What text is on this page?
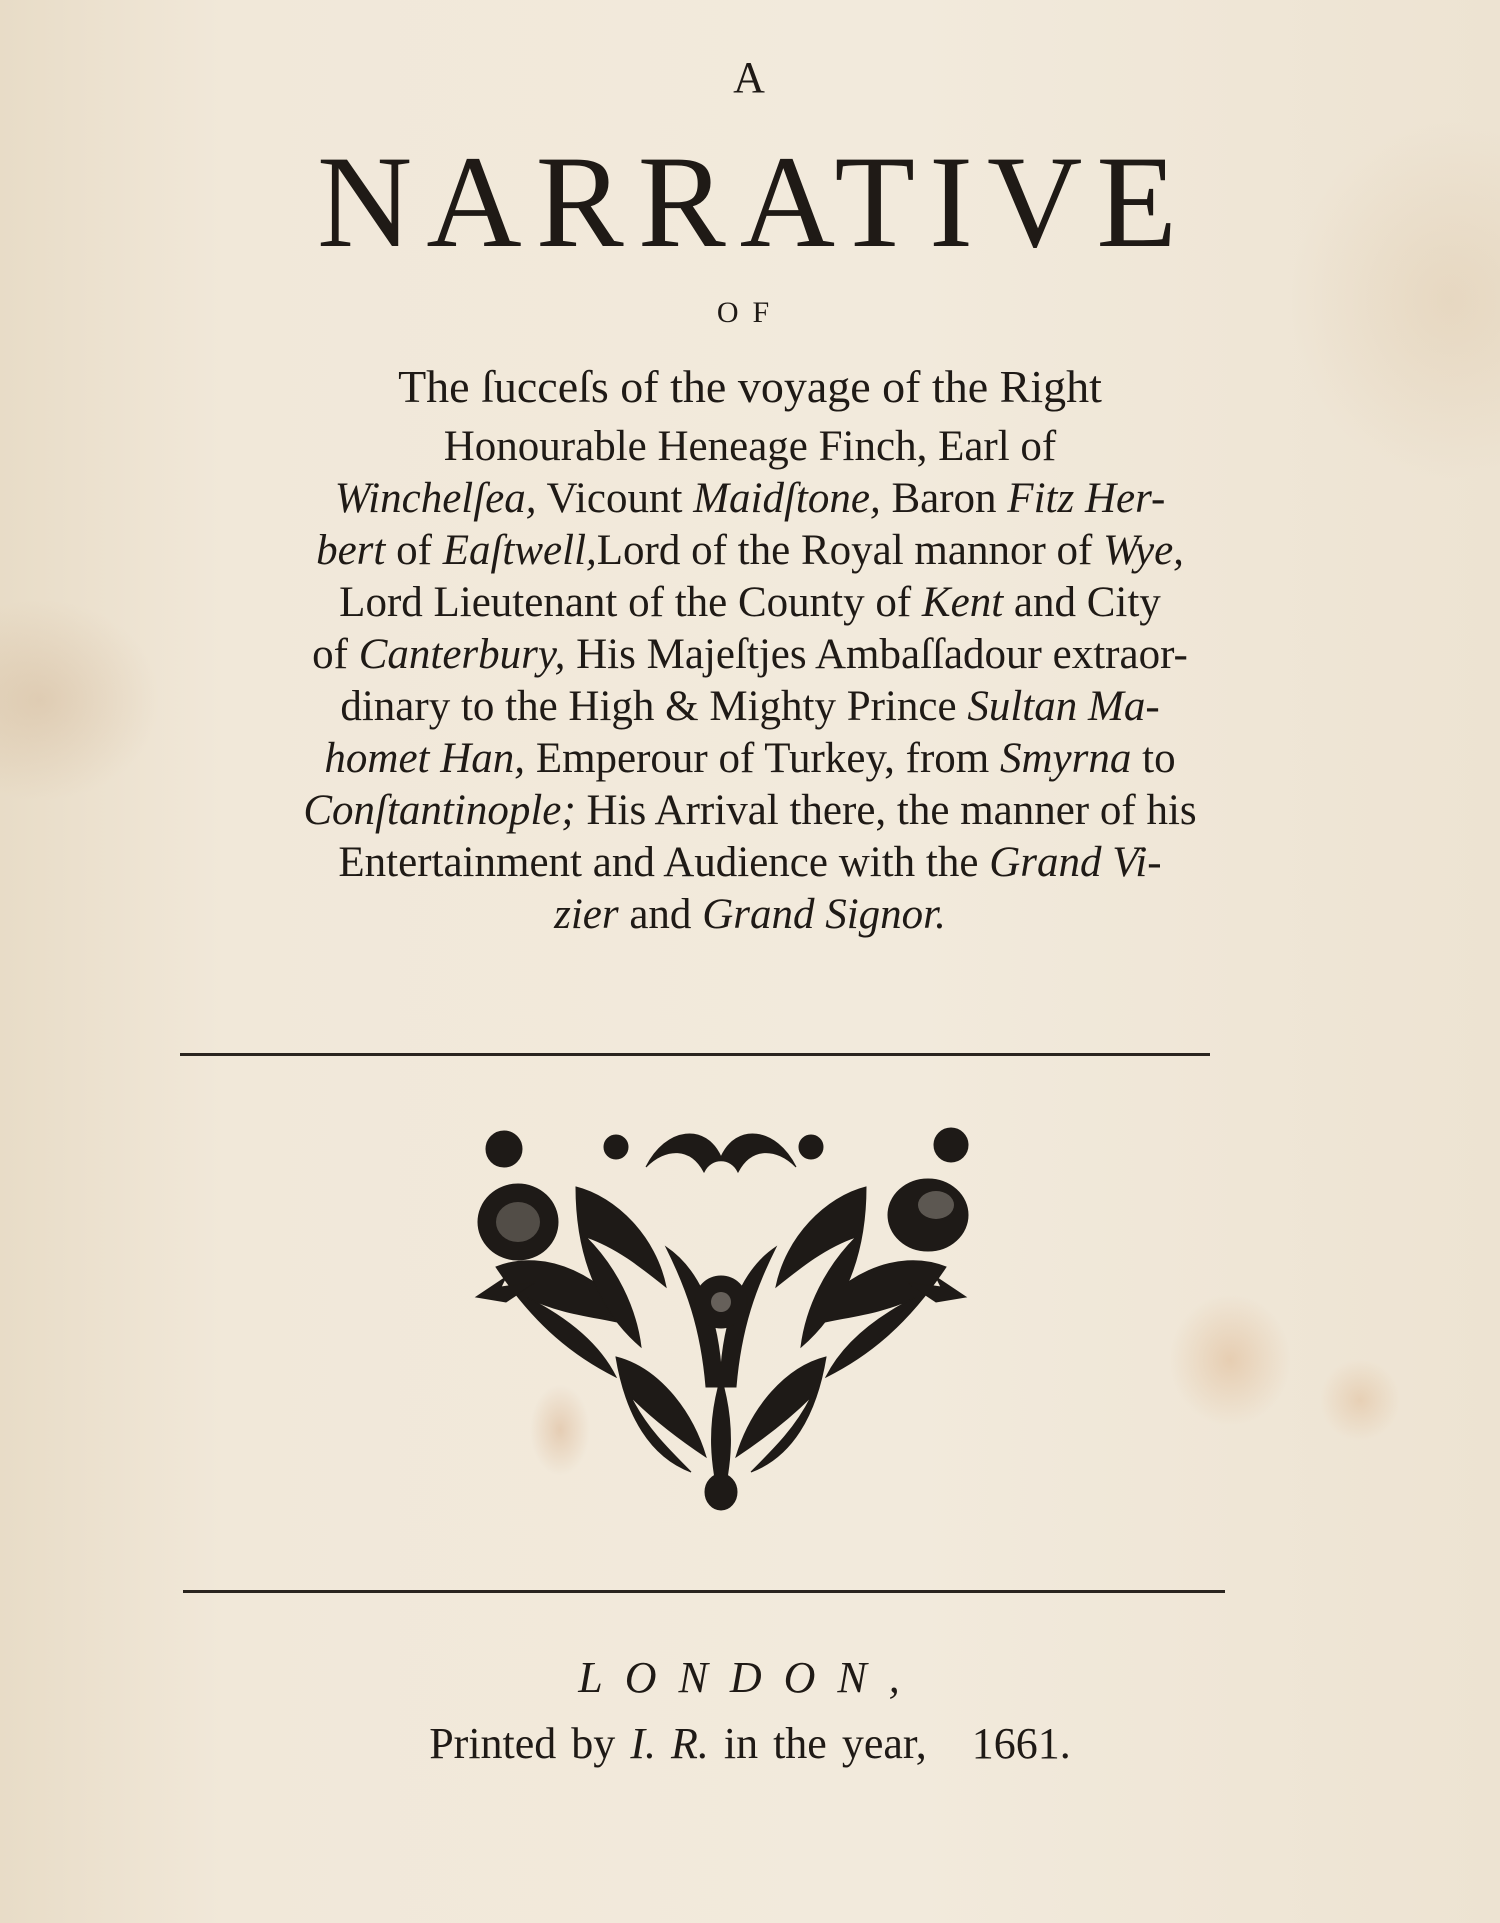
A
NARRATIVE
OF
The ſucceſs of the voyage of the Right
Honourable Heneage Finch, Earl of
Winchelſea, Vicount Maidſtone, Baron Fitz Her-
bert of Eaſtwell,Lord of the Royal mannor of Wye,
Lord Lieutenant of the County of Kent and City
of Canterbury, His Majeſtjes Ambaſſadour extraor-
dinary to the High & Mighty Prince Sultan Ma-
homet Han, Emperour of Turkey, from Smyrna to
Conſtantinople; His Arrival there, the manner of his
Entertainment and Audience with the Grand Vi-
zier and Grand Signor.
LONDON,
Printed by I. R. in the year, 1661.
